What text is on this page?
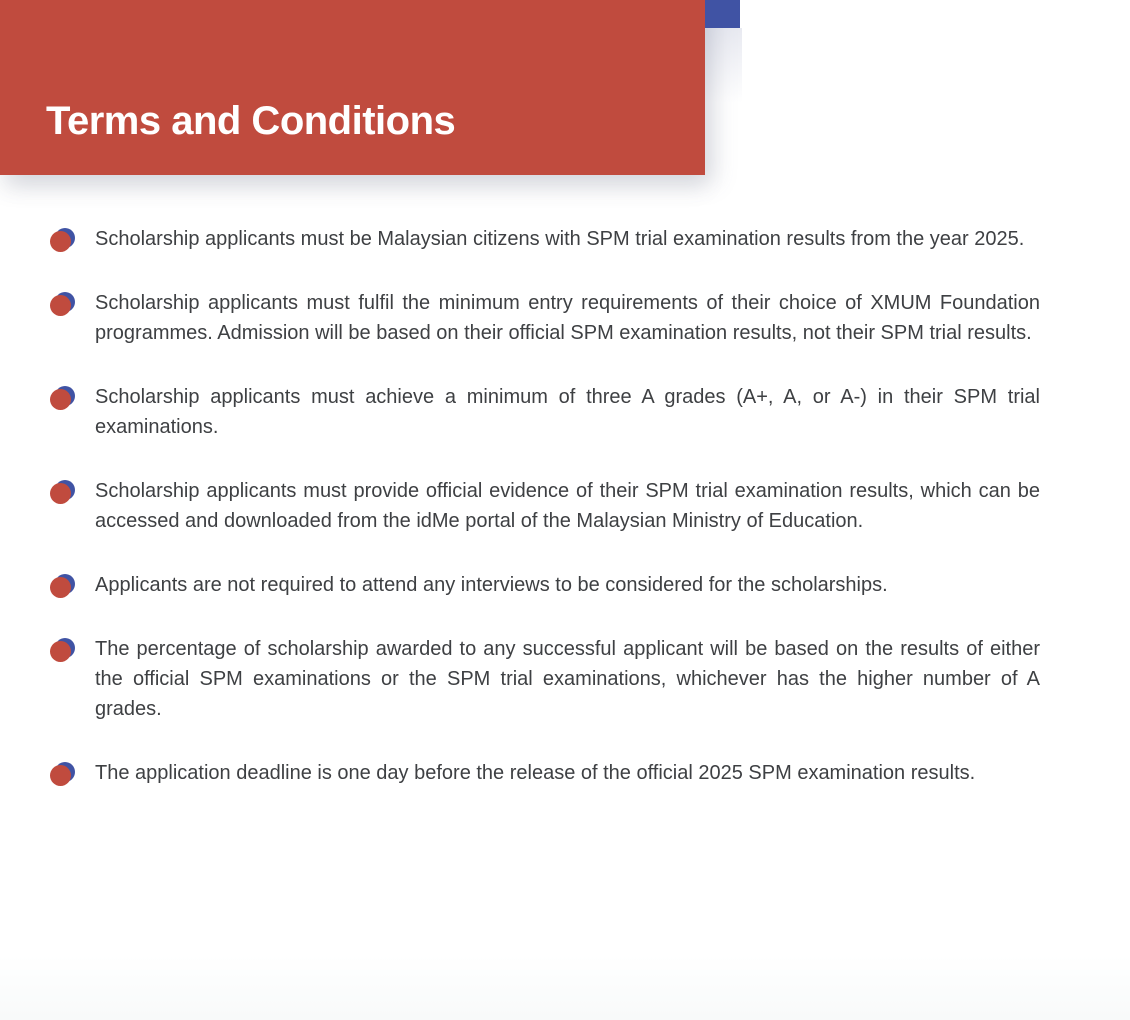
Terms and Conditions

Scholarship applicants must be Malaysian citizens with SPM trial examination results from the year 2025.

Scholarship applicants must fulfil the minimum entry requirements of their choice of XMUM Foundation programmes. Admission will be based on their official SPM examination results, not their SPM trial results.

Scholarship applicants must achieve a minimum of three A grades (A+, A, or A-) in their SPM trial examinations.

Scholarship applicants must provide official evidence of their SPM trial examination results, which can be accessed and downloaded from the idMe portal of the Malaysian Ministry of Education.

Applicants are not required to attend any interviews to be considered for the scholarships.

The percentage of scholarship awarded to any successful applicant will be based on the results of either the official SPM examinations or the SPM trial examinations, whichever has the higher number of A grades.

The application deadline is one day before the release of the official 2025 SPM examination results.
